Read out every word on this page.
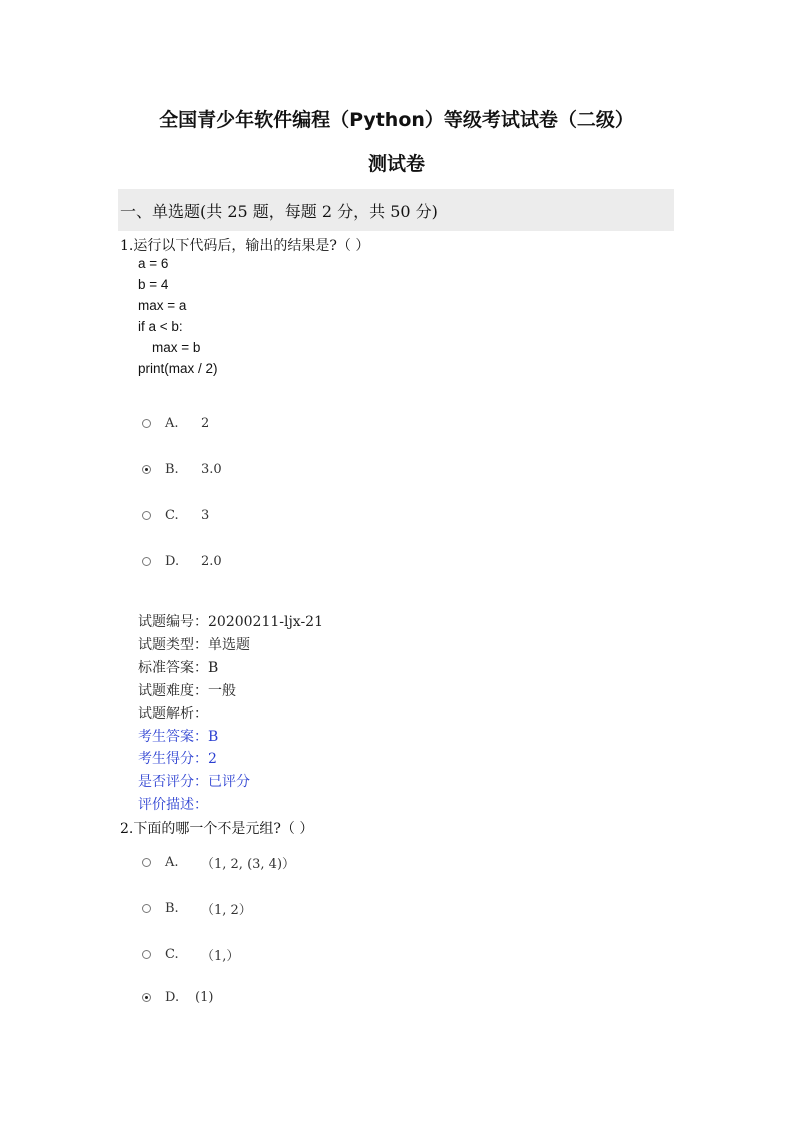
全国青少年软件编程（Python）等级考试试卷（二级）
测试卷
一、单选题(共 25 题，每题 2 分，共 50 分)
1.运行以下代码后，输出的结果是?（ ）
a = 6
b = 4
max = a
if a < b:
max = b
print(max / 2)
A.	2
B.	3.0
C.	3
D.	2.0
试题编号：20200211-ljx-21
试题类型：单选题
标准答案：B
试题难度：一般
试题解析：
考生答案：B
考生得分：2
是否评分：已评分
评价描述：
2.下面的哪一个不是元组?（ ）
A.	（1, 2, (3, 4)）
B.	（1, 2）
C.	（1,）
D.	(1)
